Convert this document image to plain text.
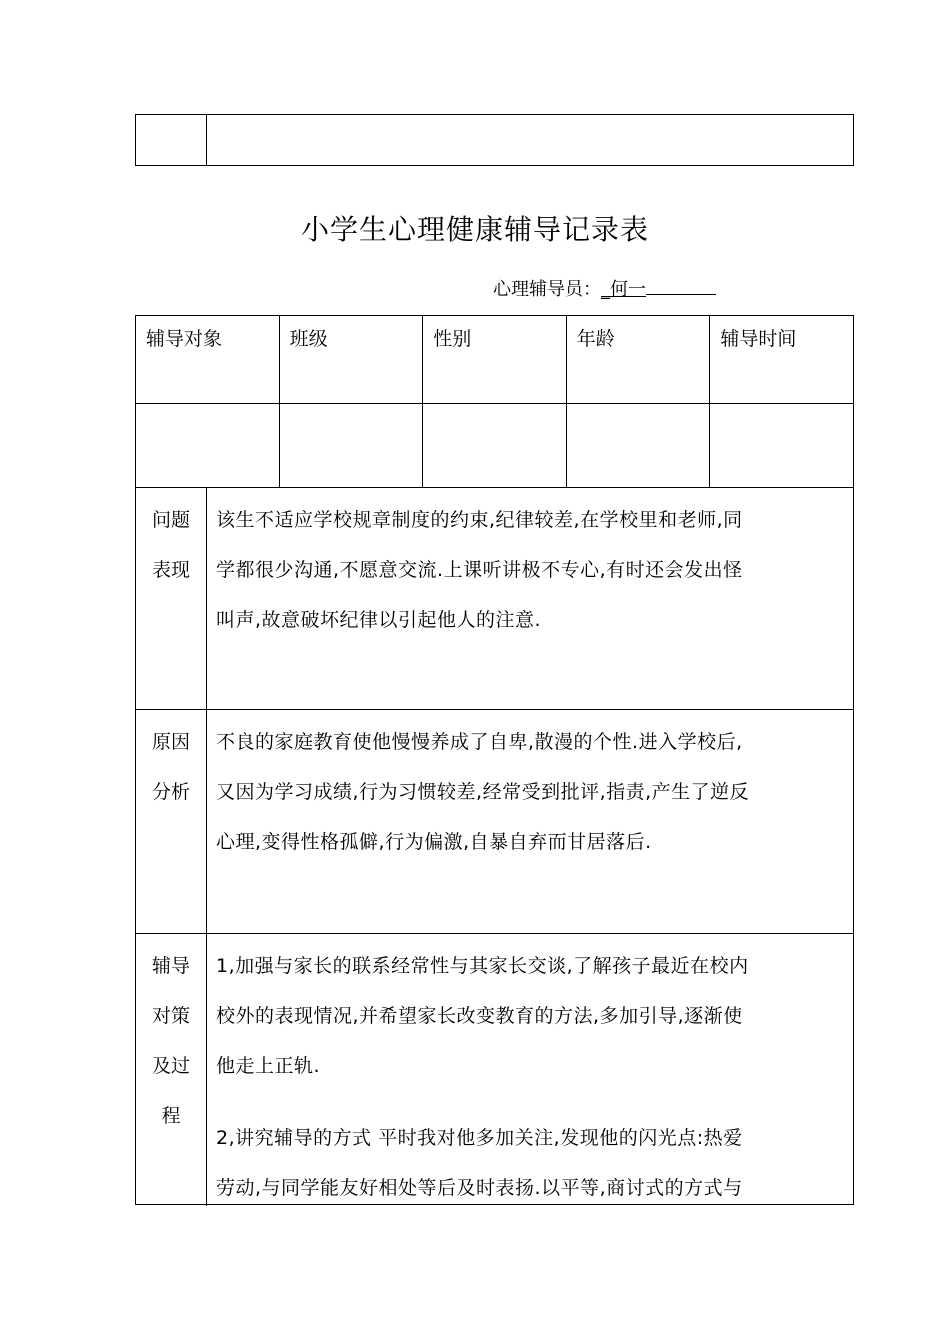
小学生心理健康辅导记录表
心理辅导员：_何一
辅导对象	班级	性别	年龄	辅导时间
问题
表现

该生不适应学校规章制度的约束,纪律较差,在学校里和老师,同
学都很少沟通,不愿意交流.上课听讲极不专心,有时还会发出怪
叫声,故意破坏纪律以引起他人的注意.

原因
分析

不良的家庭教育使他慢慢养成了自卑,散漫的个性.进入学校后,
又因为学习成绩,行为习惯较差,经常受到批评,指责,产生了逆反
心理,变得性格孤僻,行为偏激,自暴自弃而甘居落后.

辅导
对策
及过
程

1,加强与家长的联系经常性与其家长交谈,了解孩子最近在校内
校外的表现情况,并希望家长改变教育的方法,多加引导,逐渐使
他走上正轨.

2,讲究辅导的方式 平时我对他多加关注,发现他的闪光点:热爱
劳动,与同学能友好相处等后及时表扬.以平等,商讨式的方式与
